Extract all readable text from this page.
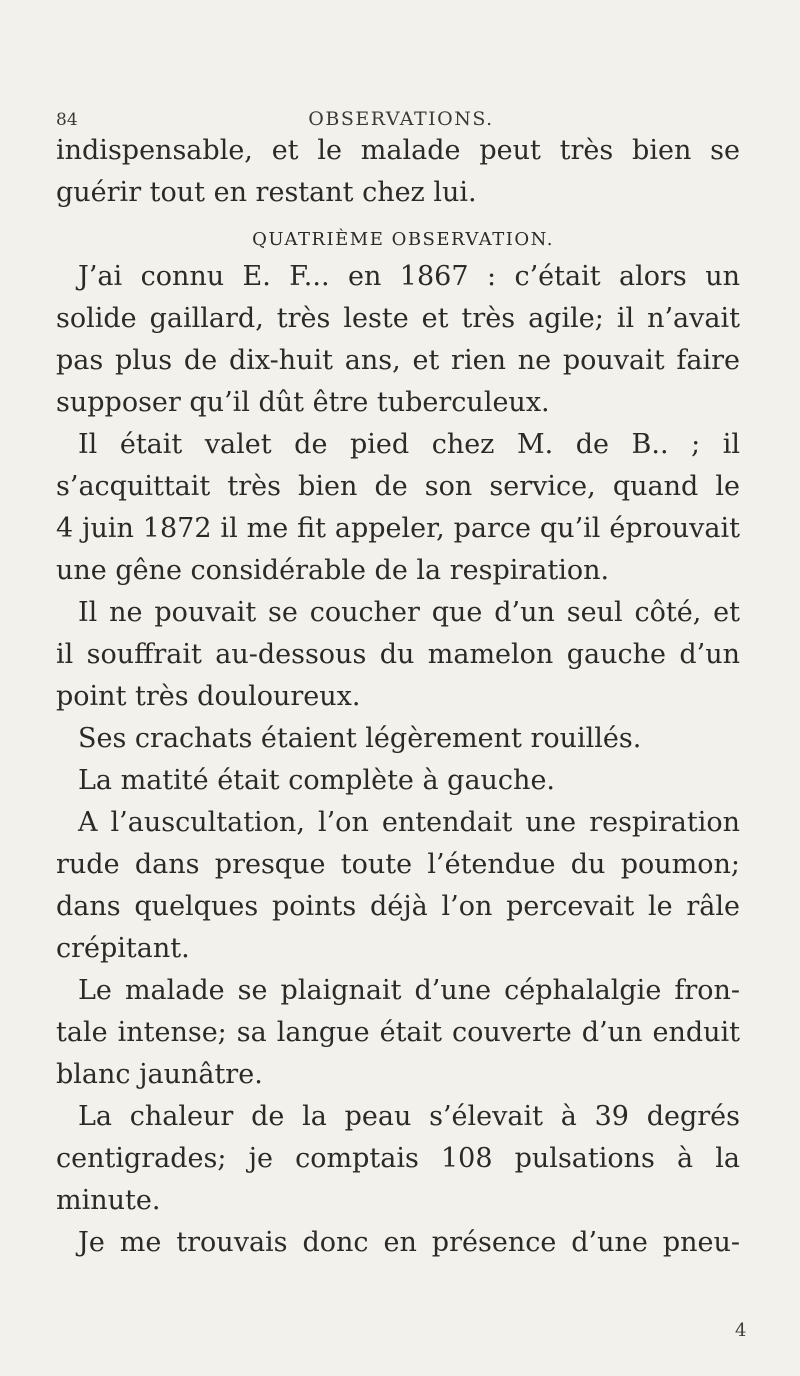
84	OBSERVATIONS.
indispensable, et le malade peut très bien se
guérir tout en restant chez lui.
QUATRIÈME OBSERVATION.
J’ai connu E. F... en 1867 : c’était alors un
solide gaillard, très leste et très agile; il n’avait
pas plus de dix-huit ans, et rien ne pouvait faire
supposer qu’il dût être tuberculeux.
Il était valet de pied chez M. de B.. ; il
s’acquittait très bien de son service, quand le
4 juin 1872 il me fit appeler, parce qu’il éprouvait
une gêne considérable de la respiration.
Il ne pouvait se coucher que d’un seul côté, et
il souffrait au-dessous du mamelon gauche d’un
point très douloureux.
Ses crachats étaient légèrement rouillés.
La matité était complète à gauche.
A l’auscultation, l’on entendait une respiration
rude dans presque toute l’étendue du poumon;
dans quelques points déjà l’on percevait le râle
crépitant.
Le malade se plaignait d’une céphalalgie fron-
tale intense; sa langue était couverte d’un enduit
blanc jaunâtre.
La chaleur de la peau s’élevait à 39 degrés
centigrades; je comptais 108 pulsations à la
minute.
Je me trouvais donc en présence d’une pneu-
4
